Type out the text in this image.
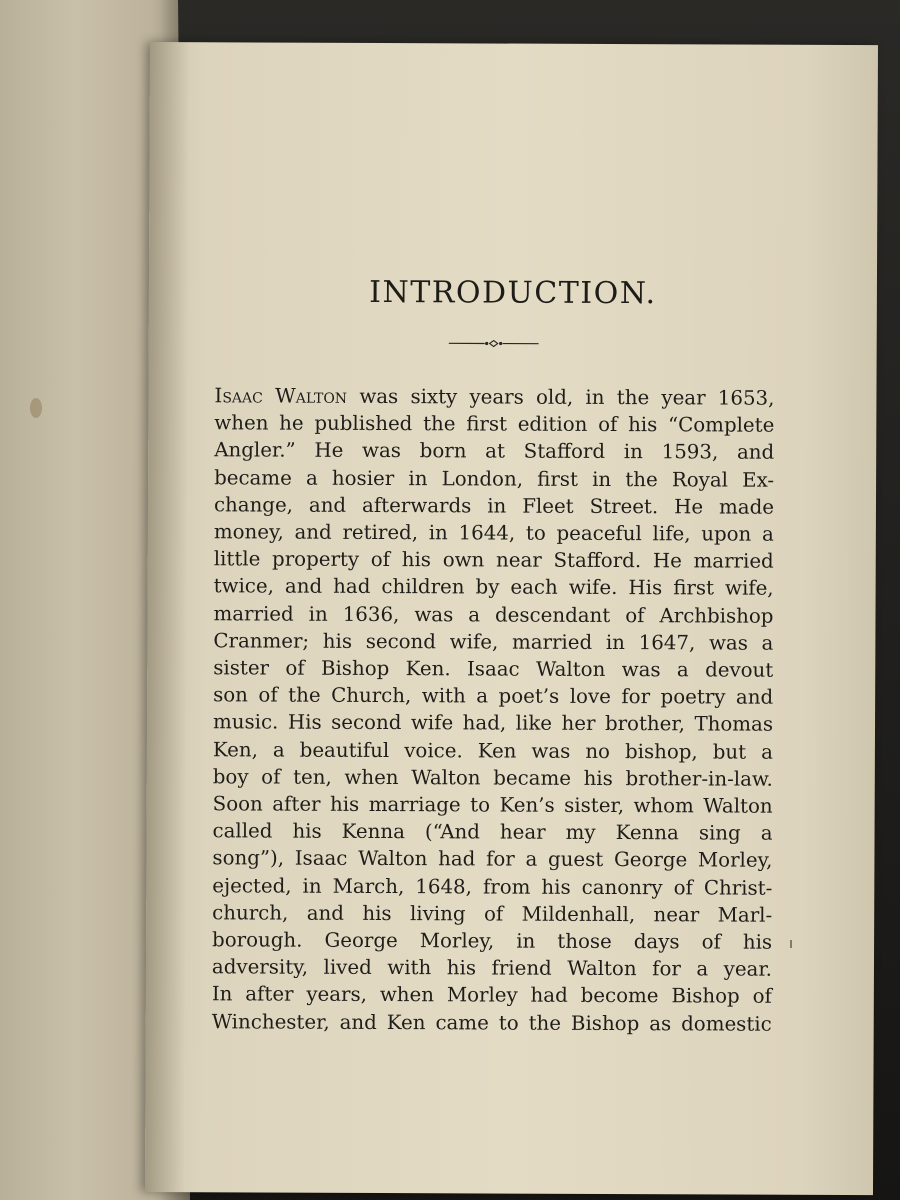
INTRODUCTION.
Isaac Walton was sixty years old, in the year 1653,
when he published the first edition of his “Complete
Angler.” He was born at Stafford in 1593, and
became a hosier in London, first in the Royal Ex-
change, and afterwards in Fleet Street. He made
money, and retired, in 1644, to peaceful life, upon a
little property of his own near Stafford. He married
twice, and had children by each wife. His first wife,
married in 1636, was a descendant of Archbishop
Cranmer; his second wife, married in 1647, was a
sister of Bishop Ken. Isaac Walton was a devout
son of the Church, with a poet’s love for poetry and
music. His second wife had, like her brother, Thomas
Ken, a beautiful voice. Ken was no bishop, but a
boy of ten, when Walton became his brother-in-law.
Soon after his marriage to Ken’s sister, whom Walton
called his Kenna (“And hear my Kenna sing a
song”), Isaac Walton had for a guest George Morley,
ejected, in March, 1648, from his canonry of Christ-
church, and his living of Mildenhall, near Marl-
borough. George Morley, in those days of his
adversity, lived with his friend Walton for a year.
In after years, when Morley had become Bishop of
Winchester, and Ken came to the Bishop as domestic
